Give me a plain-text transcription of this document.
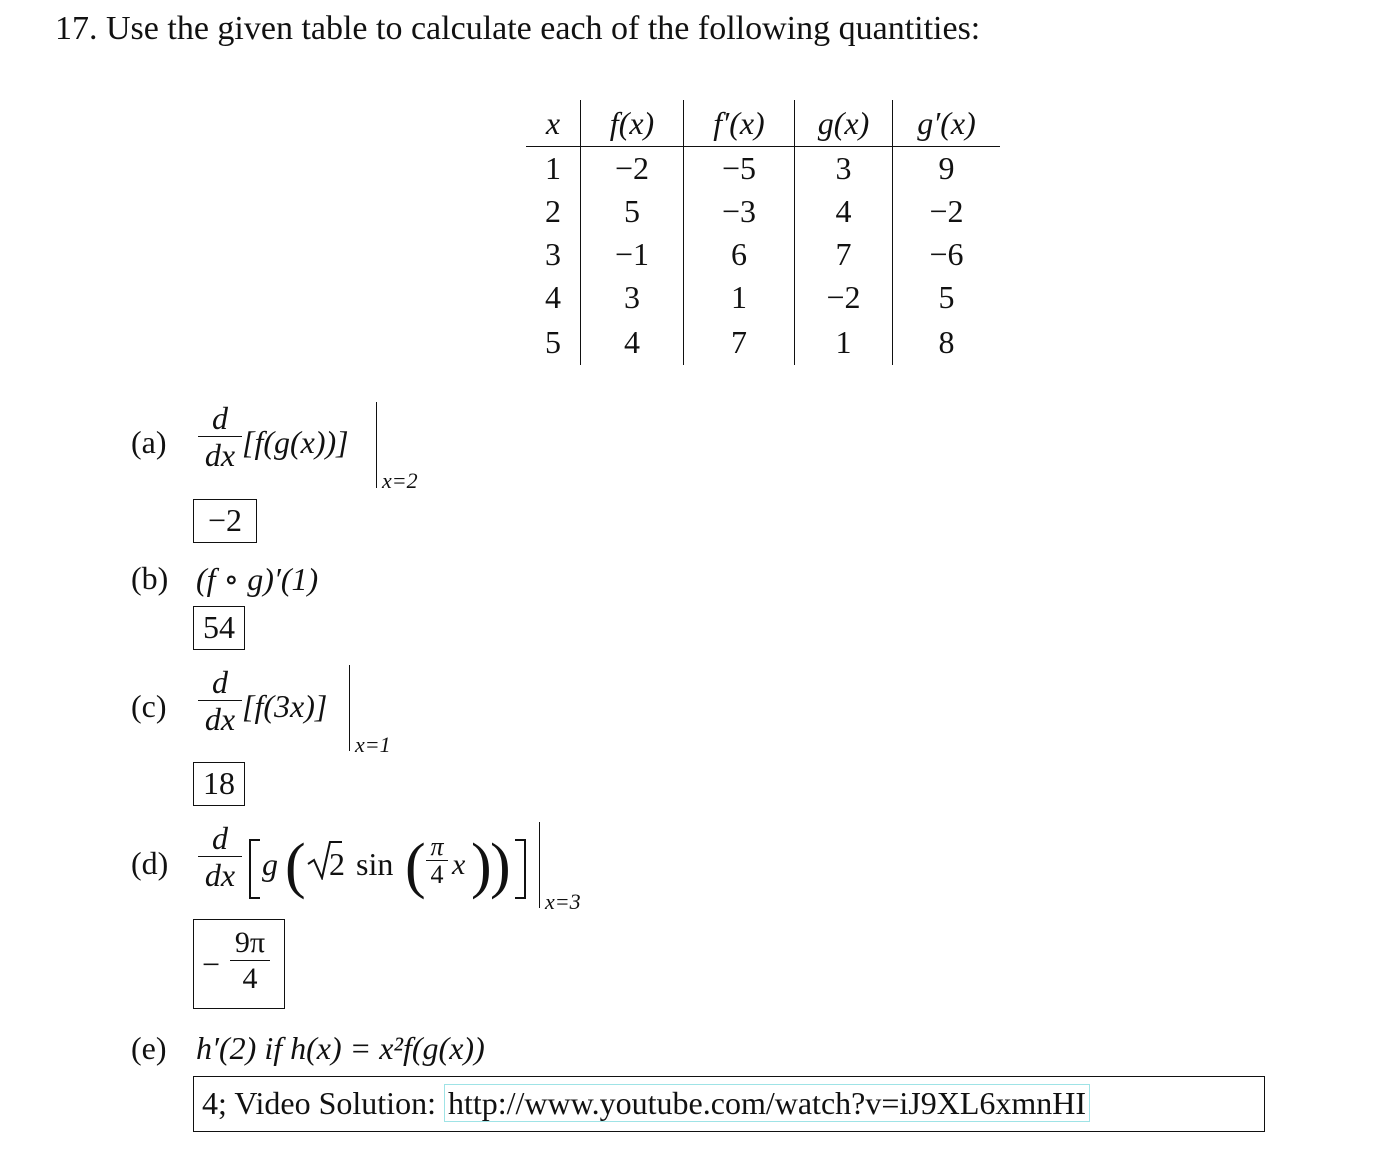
17. Use the given table to calculate each of the following quantities:
x	f(x)	f′(x)	g(x)	g′(x)
1	−2	−5	3	9
2	5	−3	4	−2
3	−1	6	7	−6
4	3	1	−2	5
5	4	7	1	8
(a)
d
dx [f(g(x))]
x=2
−2
(b) (f ∘ g)′(1)
54
(c)
d
dx [f(3x)]
x=1
18
(d)
d
dx g ( 2 sin ( π
4 x )
)
x=3
−
9π
4
(e) h′(2) if h(x) = x²f(g(x))
4; Video Solution: http://www.youtube.com/watch?v=iJ9XL6xmnHI
